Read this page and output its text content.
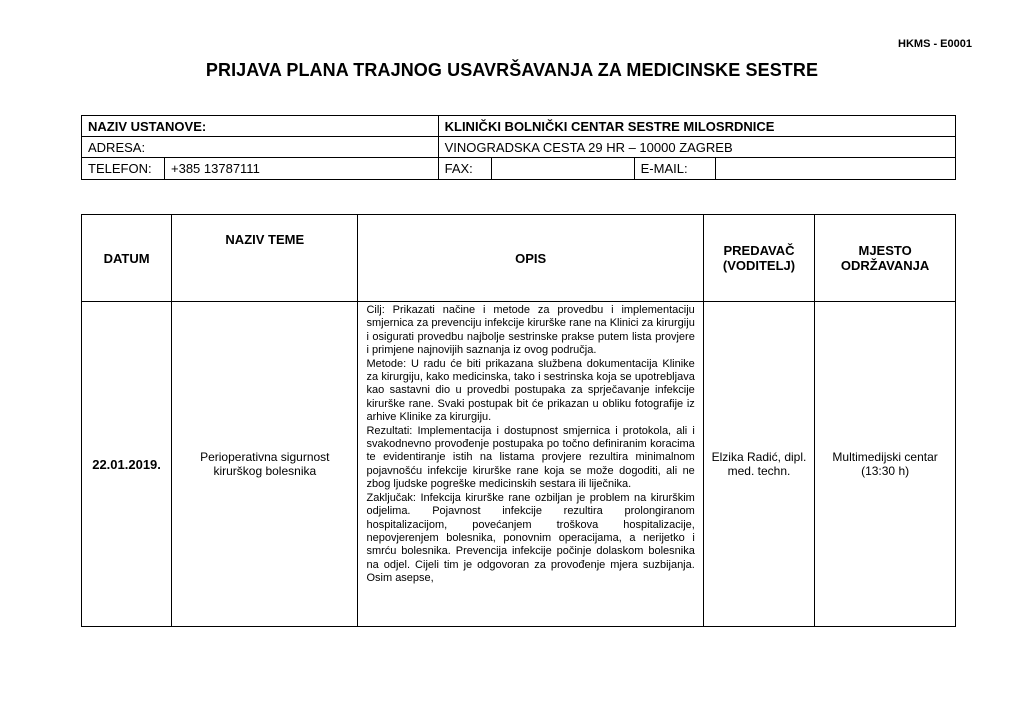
HKMS - E0001
PRIJAVA PLANA TRAJNOG USAVRŠAVANJA ZA MEDICINSKE SESTRE
NAZIV USTANOVE:	KLINIČKI BOLNIČKI CENTAR SESTRE MILOSRDNICE
ADRESA:	VINOGRADSKA CESTA 29 HR – 10000 ZAGREB
TELEFON:	+385 13787111	FAX:			E-MAIL:	
DATUM	NAZIV TEME	OPIS	PREDAVAČ (VODITELJ)	MJESTO ODRŽAVANJA

22.01.2019.	Perioperativna sigurnost kirurškog bolesnika	Cilj: Prikazati načine i metode za provedbu i implementaciju smjernica za prevenciju infekcije kirurške rane na Klinici za kirurgiju i osigurati provedbu najbolje sestrinske prakse putem lista provjere i primjene najnovijih saznanja iz ovog područja.

Metode: U radu će biti prikazana službena dokumentacija Klinike za kirurgiju, kako medicinska, tako i sestrinska koja se upotrebljava kao sastavni dio u provedbi postupaka za sprječavanje infekcije kirurške rane. Svaki postupak bit će prikazan u obliku fotografije iz arhive Klinike za kirurgiju.

Rezultati: Implementacija i dostupnost smjernica i protokola, ali i svakodnevno provođenje postupaka po točno definiranim koracima te evidentiranje istih na listama provjere rezultira minimalnom pojavnošću infekcije kirurške rane koja se može dogoditi, ali ne zbog ljudske pogreške medicinskih sestara ili liječnika.

Zaključak: Infekcija kirurške rane ozbiljan je problem na kirurškim odjelima. Pojavnost infekcije rezultira prolongiranom hospitalizacijom, povećanjem troškova hospitalizacije, nepovjerenjem bolesnika, ponovnim operacijama, a nerijetko i smrću bolesnika. Prevencija infekcije počinje dolaskom bolesnika na odjel. Cijeli tim je odgovoran za provođenje mjera suzbijanja. Osim asepse,	Elzika Radić, dipl. med. techn.	Multimedijski centar (13:30 h)
